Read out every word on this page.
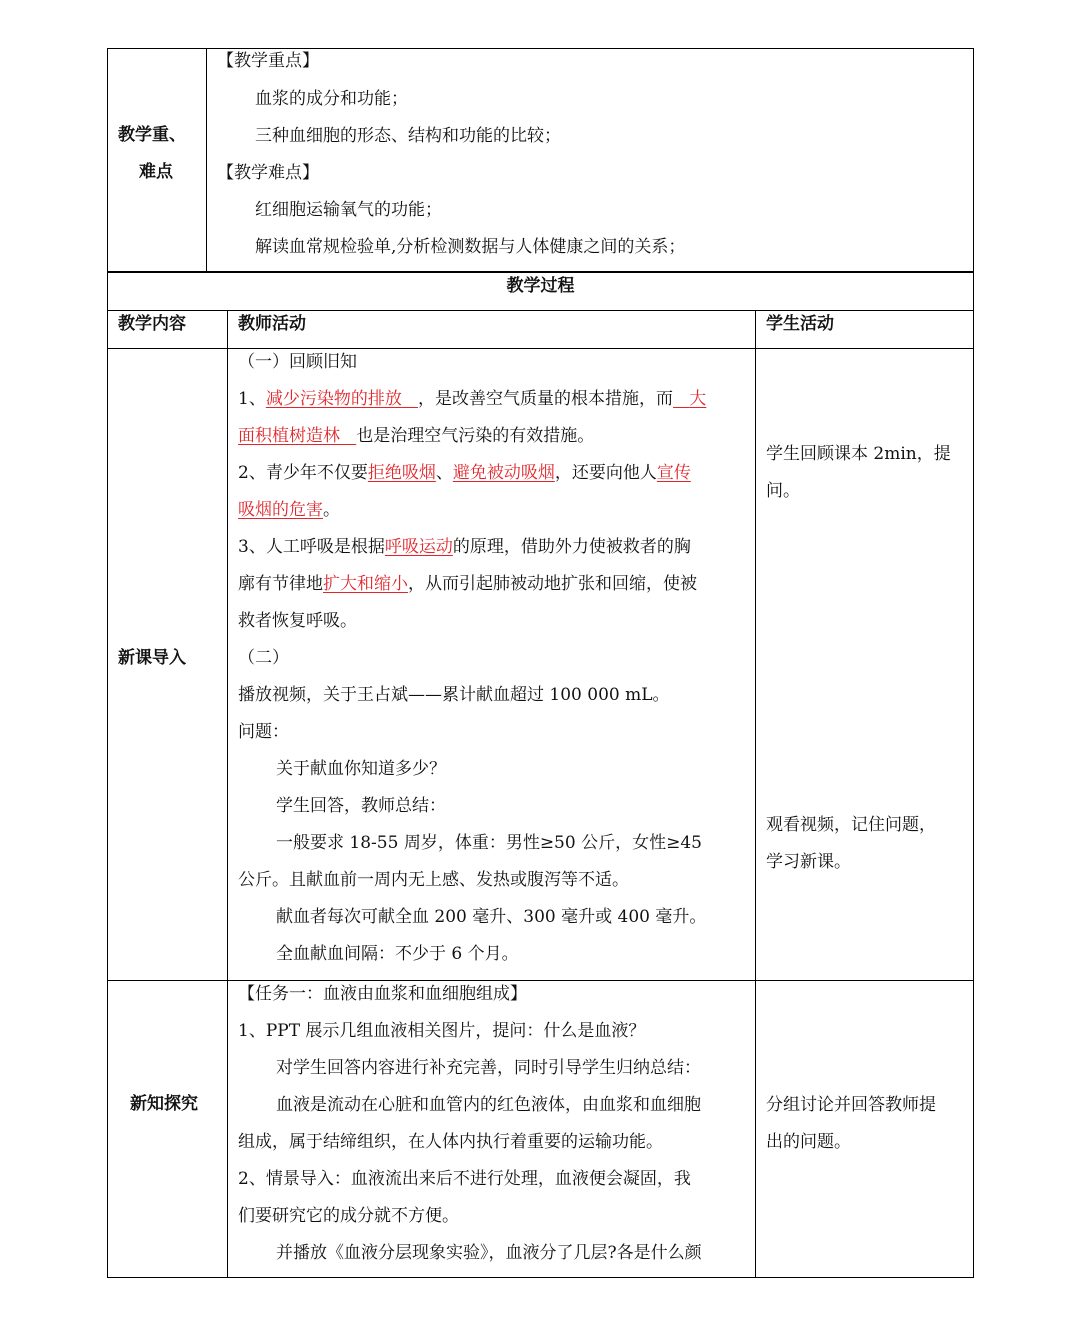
教学重、
难点
【教学重点】
血浆的成分和功能；
三种血细胞的形态、结构和功能的比较；
【教学难点】
红细胞运输氧气的功能；
解读血常规检验单,分析检测数据与人体健康之间的关系；
教学过程
教学内容	教师活动	学生活动
新课导入
（一）回顾旧知
1、减少污染物的排放 ，是改善空气质量的根本措施，而 大
面积植树造林 也是治理空气污染的有效措施。
2、青少年不仅要拒绝吸烟、避免被动吸烟，还要向他人宣传
吸烟的危害。
3、人工呼吸是根据呼吸运动的原理，借助外力使被救者的胸
廓有节律地扩大和缩小，从而引起肺被动地扩张和回缩，使被
救者恢复呼吸。
（二）
播放视频，关于王占斌——累计献血超过 100 000 mL。
问题：
关于献血你知道多少？
学生回答，教师总结：
一般要求 18-55 周岁，体重：男性≥50 公斤，女性≥45
公斤。且献血前一周内无上感、发热或腹泻等不适。
献血者每次可献全血 200 毫升、300 毫升或 400 毫升。
全血献血间隔：不少于 6 个月。
学生回顾课本 2min，提
问。
观看视频，记住问题，
学习新课。
新知探究
【任务一：血液由血浆和血细胞组成】
1、PPT 展示几组血液相关图片，提问：什么是血液？
对学生回答内容进行补充完善，同时引导学生归纳总结：
血液是流动在心脏和血管内的红色液体，由血浆和血细胞
组成，属于结缔组织，在人体内执行着重要的运输功能。
2、情景导入：血液流出来后不进行处理，血液便会凝固，我
们要研究它的成分就不方便。
并播放《血液分层现象实验》，血液分了几层?各是什么颜
分组讨论并回答教师提
出的问题。
